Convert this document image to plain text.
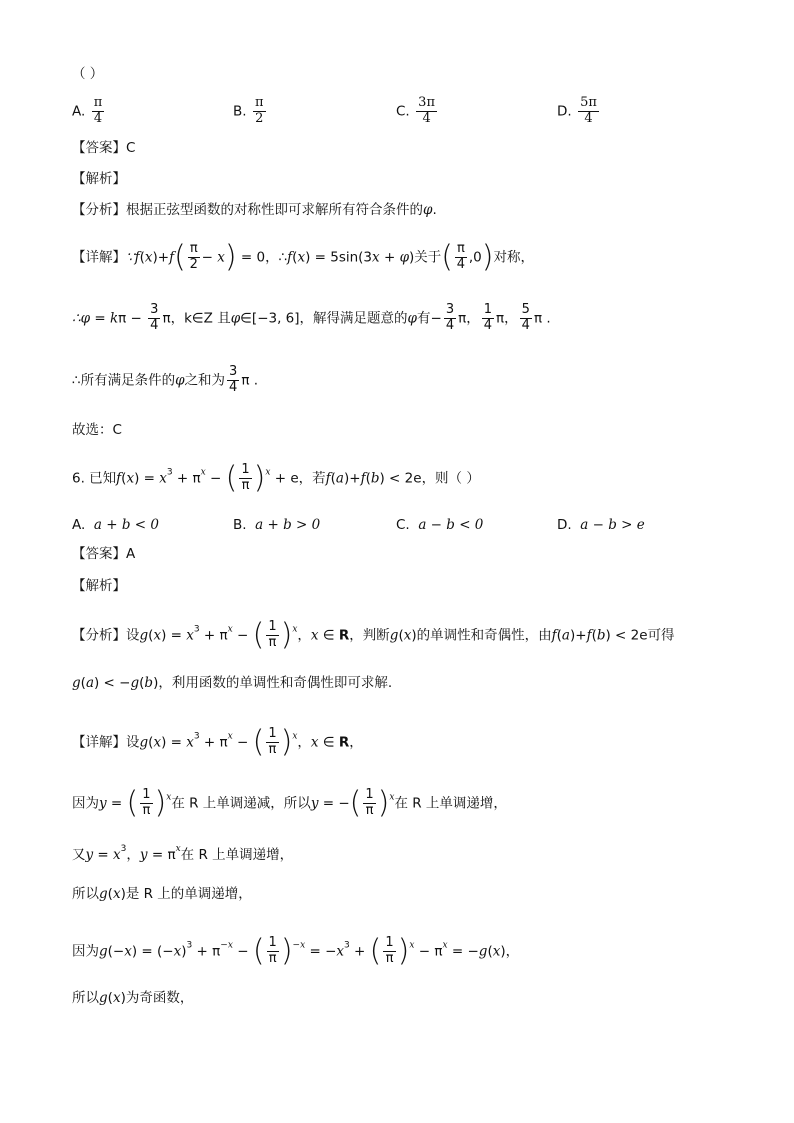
（ ）
A. $\frac{\pi}{4}$	B. $\frac{\pi}{2}$	C. $\frac{3\pi}{4}$	D. $\frac{5\pi}{4}$
【答案】C
【解析】
【分析】根据正弦型函数的对称性即可求解所有符合条件的φ.
【详解】∵f(x)+f( $\frac{\pi}{2} - x) = 0$，∴f(x) = 5sin(3x + φ)关于( $\frac{\pi}{4} ,0$)对称，
∴φ = $k\pi - \frac{3}{4}$ π，k∈Z 且φ∈[−3, 6]，解得满足题意的φ有− $\frac{3}{4}$ π， $\frac{1}{4}$ π， $\frac{5}{4}$ π .
∴所有满足条件的φ之和为 $\frac{3}{4}$ π .
故选：C
6. 已知$f(x) = x^3 + \pi^x$ − ( $\frac{1}{\pi} )^x + e$，若f(a)+f(b) < 2e，则（ ）
A. a + b < 0	B. a + b > 0	C. a − b < 0	D. a − b > e
【答案】A
【解析】
【分析】设$g(x) = x^3 + \pi^x$ − ( $\frac{1}{\pi} )^x$，x ∈ R，判断g(x)的单调性和奇偶性，由f(a)+f(b) < 2e可得
g(a) < −g(b)，利用函数的单调性和奇偶性即可求解.
【详解】设$g(x) = x^3 + \pi^x$ − ( $\frac{1}{\pi} )^x$，x ∈ R，
因为y = ( $\frac{1}{\pi} )^x$在 R 上单调递减，所以y = −( $\frac{1}{\pi} )^x$在 R 上单调递增，
又$y = x^3$，$y = \pi^x$在 R 上单调递增，
所以g(x)是 R 上的单调递增，
因为$g(-x) = (-x)^3 + \pi^{-x}$ − ( $\frac{1}{\pi} )^{-x} = -x^3$ + ( $\frac{1}{\pi} )^x - \pi^x = -g(x)$，
所以g(x)为奇函数，
